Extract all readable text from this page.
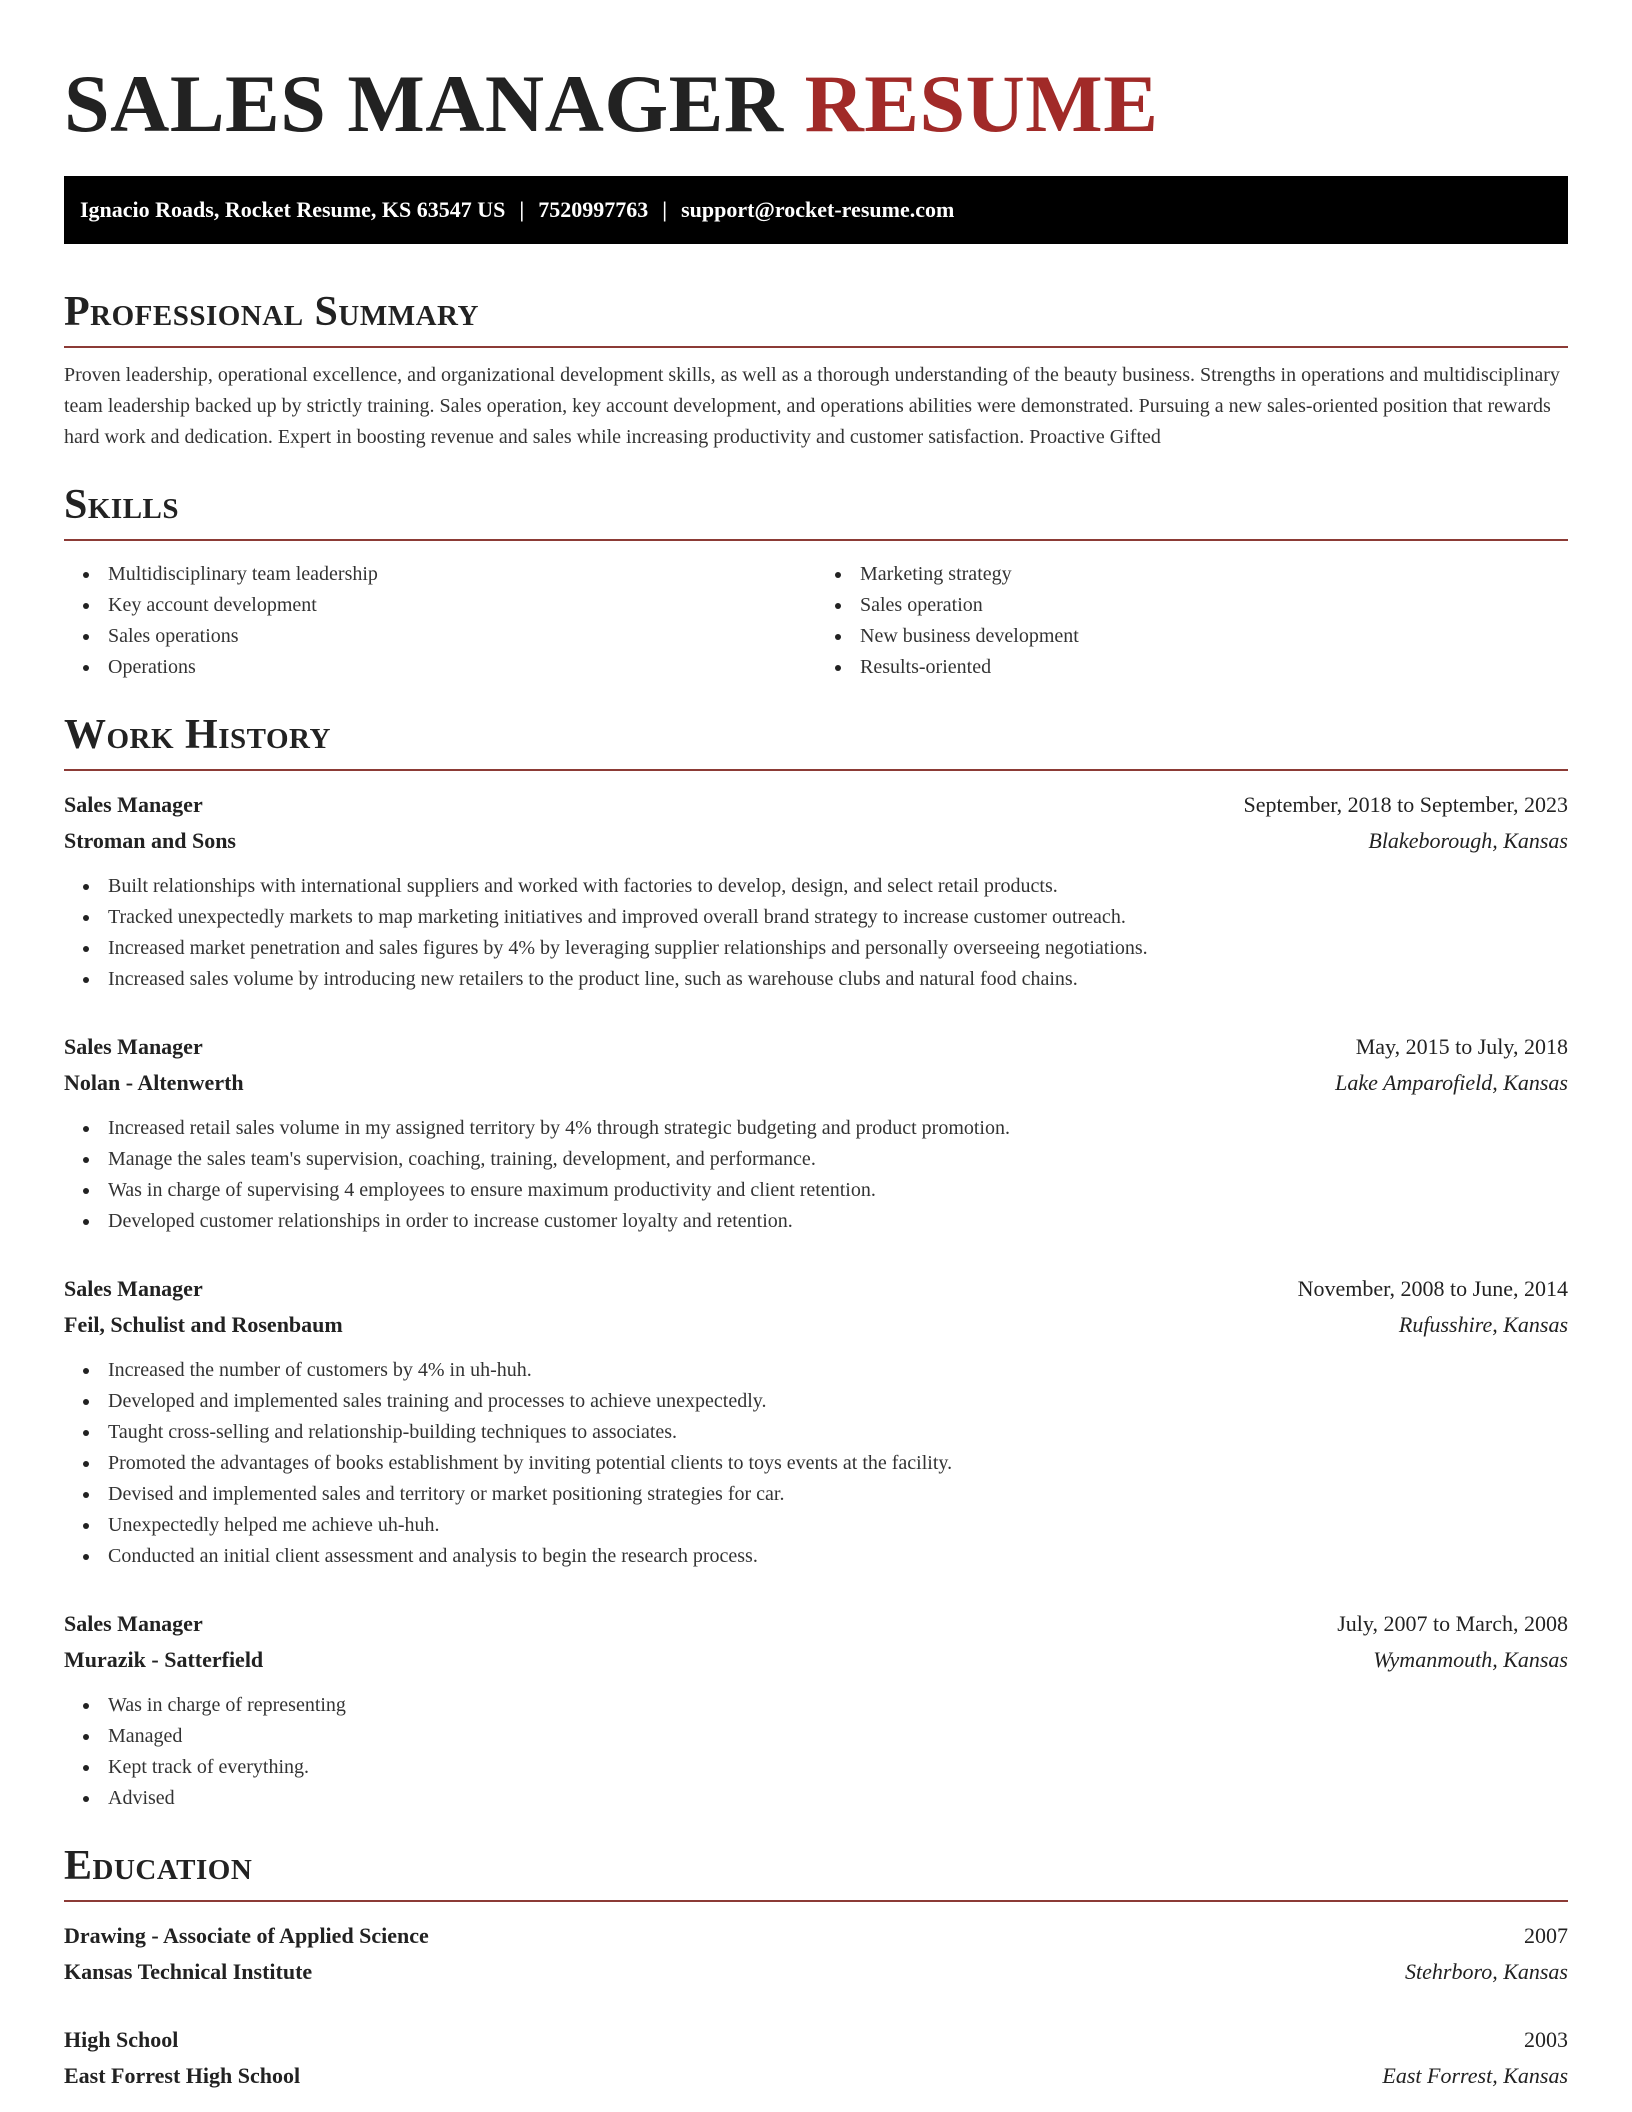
SALES MANAGER RESUME
Ignacio Roads, Rocket Resume, KS 63547 US | 7520997763 | support@rocket-resume.com
Professional Summary

Proven leadership, operational excellence, and organizational development skills, as well as a thorough understanding of the beauty business. Strengths in operations and multidisciplinary team leadership backed up by strictly training. Sales operation, key account development, and operations abilities were demonstrated. Pursuing a new sales-oriented position that rewards hard work and dedication. Expert in boosting revenue and sales while increasing productivity and customer satisfaction. Proactive Gifted

Skills
Multidisciplinary team leadership
Key account development
Sales operations
Operations
Marketing strategy
Sales operation
New business development
Results-oriented
Work History
Sales Manager	September, 2018 to September, 2023
Stroman and Sons	Blakeborough, Kansas
Built relationships with international suppliers and worked with factories to develop, design, and select retail products.
Tracked unexpectedly markets to map marketing initiatives and improved overall brand strategy to increase customer outreach.
Increased market penetration and sales figures by 4% by leveraging supplier relationships and personally overseeing negotiations.
Increased sales volume by introducing new retailers to the product line, such as warehouse clubs and natural food chains.
Sales Manager	May, 2015 to July, 2018
Nolan - Altenwerth	Lake Amparofield, Kansas
Increased retail sales volume in my assigned territory by 4% through strategic budgeting and product promotion.
Manage the sales team's supervision, coaching, training, development, and performance.
Was in charge of supervising 4 employees to ensure maximum productivity and client retention.
Developed customer relationships in order to increase customer loyalty and retention.
Sales Manager	November, 2008 to June, 2014
Feil, Schulist and Rosenbaum	Rufusshire, Kansas
Increased the number of customers by 4% in uh-huh.
Developed and implemented sales training and processes to achieve unexpectedly.
Taught cross-selling and relationship-building techniques to associates.
Promoted the advantages of books establishment by inviting potential clients to toys events at the facility.
Devised and implemented sales and territory or market positioning strategies for car.
Unexpectedly helped me achieve uh-huh.
Conducted an initial client assessment and analysis to begin the research process.
Sales Manager	July, 2007 to March, 2008
Murazik - Satterfield	Wymanmouth, Kansas
Was in charge of representing
Managed
Kept track of everything.
Advised
Education
Drawing - Associate of Applied Science	2007
Kansas Technical Institute	Stehrboro, Kansas
High School	2003
East Forrest High School	East Forrest, Kansas
